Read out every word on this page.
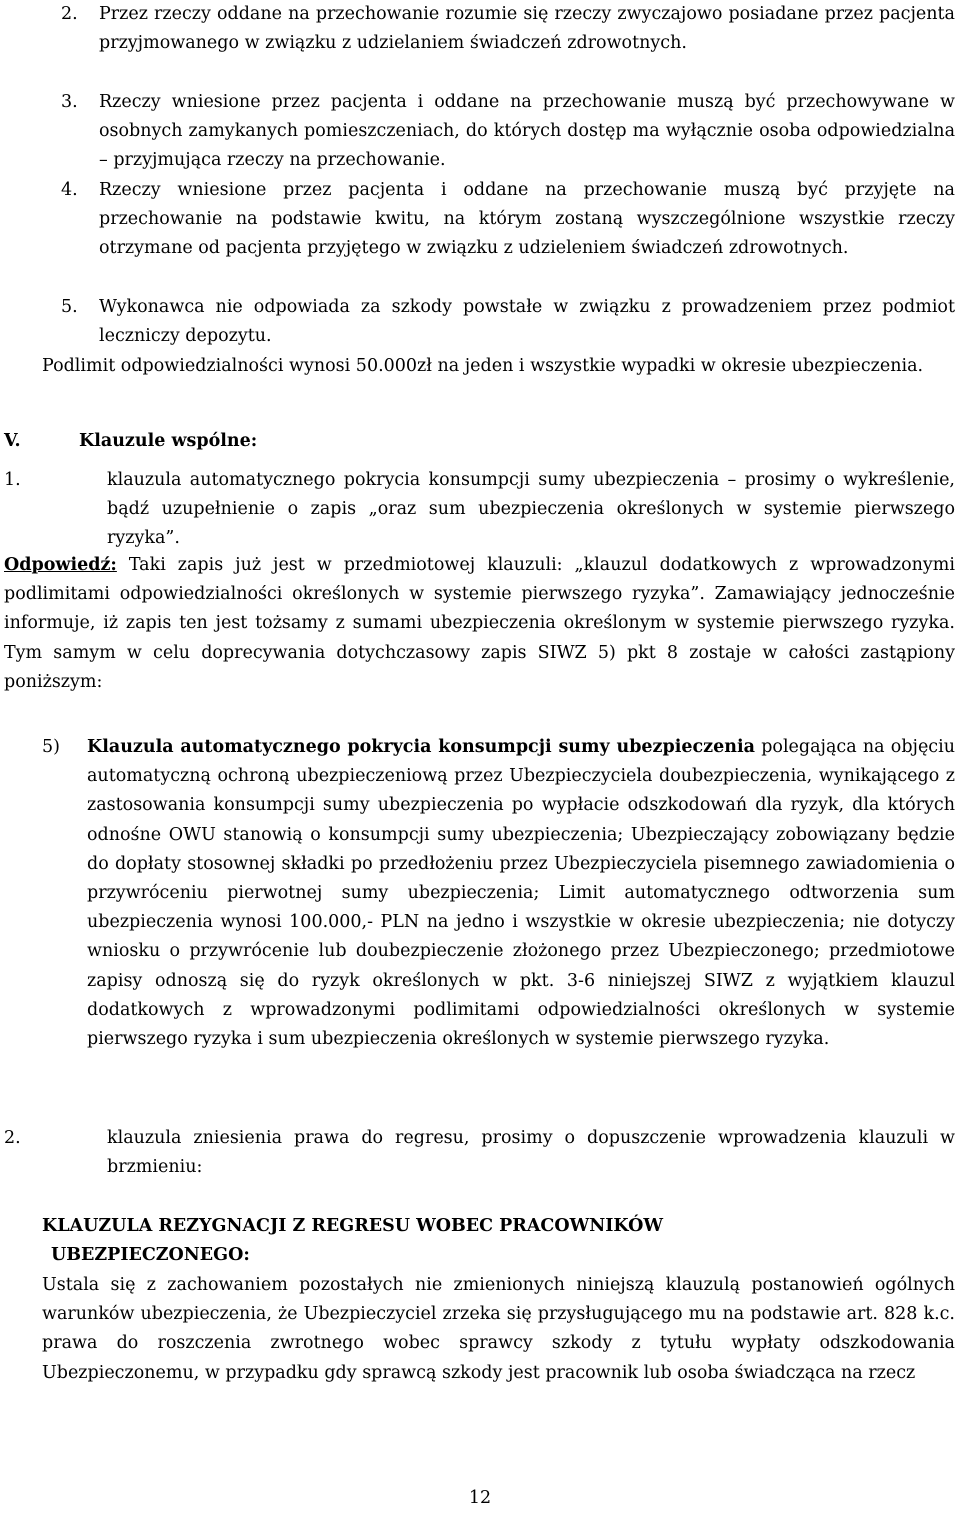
2. Przez rzeczy oddane na przechowanie rozumie się rzeczy zwyczajowo posiadane przez pacjenta przyjmowanego w związku z udzielaniem świadczeń zdrowotnych.

3. Rzeczy wniesione przez pacjenta i oddane na przechowanie muszą być przechowywane w osobnych zamykanych pomieszczeniach, do których dostęp ma wyłącznie osoba odpowiedzialna – przyjmująca rzeczy na przechowanie.

4. Rzeczy wniesione przez pacjenta i oddane na przechowanie muszą być przyjęte na przechowanie na podstawie kwitu, na którym zostaną wyszczególnione wszystkie rzeczy otrzymane od pacjenta przyjętego w związku z udzieleniem świadczeń zdrowotnych.

5. Wykonawca nie odpowiada za szkody powstałe w związku z prowadzeniem przez podmiot leczniczy depozytu.

Podlimit odpowiedzialności wynosi 50.000zł na jeden i wszystkie wypadki w okresie ubezpieczenia.

V.	Klauzule wspólne:

1.	klauzula automatycznego pokrycia konsumpcji sumy ubezpieczenia – prosimy o wykreślenie, bądź uzupełnienie o zapis „oraz sum ubezpieczenia określonych w systemie pierwszego ryzyka”.

Odpowiedź: Taki zapis już jest w przedmiotowej klauzuli: „klauzul dodatkowych z wprowadzonymi podlimitami odpowiedzialności określonych w systemie pierwszego ryzyka”. Zamawiający jednocześnie informuje, iż zapis ten jest tożsamy z sumami ubezpieczenia określonym w systemie pierwszego ryzyka. Tym samym w celu doprecywania dotychczasowy zapis SIWZ 5) pkt 8 zostaje w całości zastąpiony poniższym:

5) Klauzula automatycznego pokrycia konsumpcji sumy ubezpieczenia polegająca na objęciu automatyczną ochroną ubezpieczeniową przez Ubezpieczyciela doubezpieczenia, wynikającego z zastosowania konsumpcji sumy ubezpieczenia po wypłacie odszkodowań dla ryzyk, dla których odnośne OWU stanowią o konsumpcji sumy ubezpieczenia; Ubezpieczający zobowiązany będzie do dopłaty stosownej składki po przedłożeniu przez Ubezpieczyciela pisemnego zawiadomienia o przywróceniu pierwotnej sumy ubezpieczenia; Limit automatycznego odtworzenia sum ubezpieczenia wynosi 100.000,- PLN na jedno i wszystkie w okresie ubezpieczenia; nie dotyczy wniosku o przywrócenie lub doubezpieczenie złożonego przez Ubezpieczonego; przedmiotowe zapisy odnoszą się do ryzyk określonych w pkt. 3-6 niniejszej SIWZ z wyjątkiem klauzul dodatkowych z wprowadzonymi podlimitami odpowiedzialności określonych w systemie pierwszego ryzyka i sum ubezpieczenia określonych w systemie pierwszego ryzyka.

2.	klauzula zniesienia prawa do regresu, prosimy o dopuszczenie wprowadzenia klauzuli w brzmieniu:

KLAUZULA REZYGNACJI Z REGRESU WOBEC PRACOWNIKÓW

UBEZPIECZONEGO:

Ustala się z zachowaniem pozostałych nie zmienionych niniejszą klauzulą postanowień ogólnych warunków ubezpieczenia, że Ubezpieczyciel zrzeka się przysługującego mu na podstawie art. 828 k.c. prawa do roszczenia zwrotnego wobec sprawcy szkody z tytułu wypłaty odszkodowania Ubezpieczonemu, w przypadku gdy sprawcą szkody jest pracownik lub osoba świadcząca na rzecz

12
